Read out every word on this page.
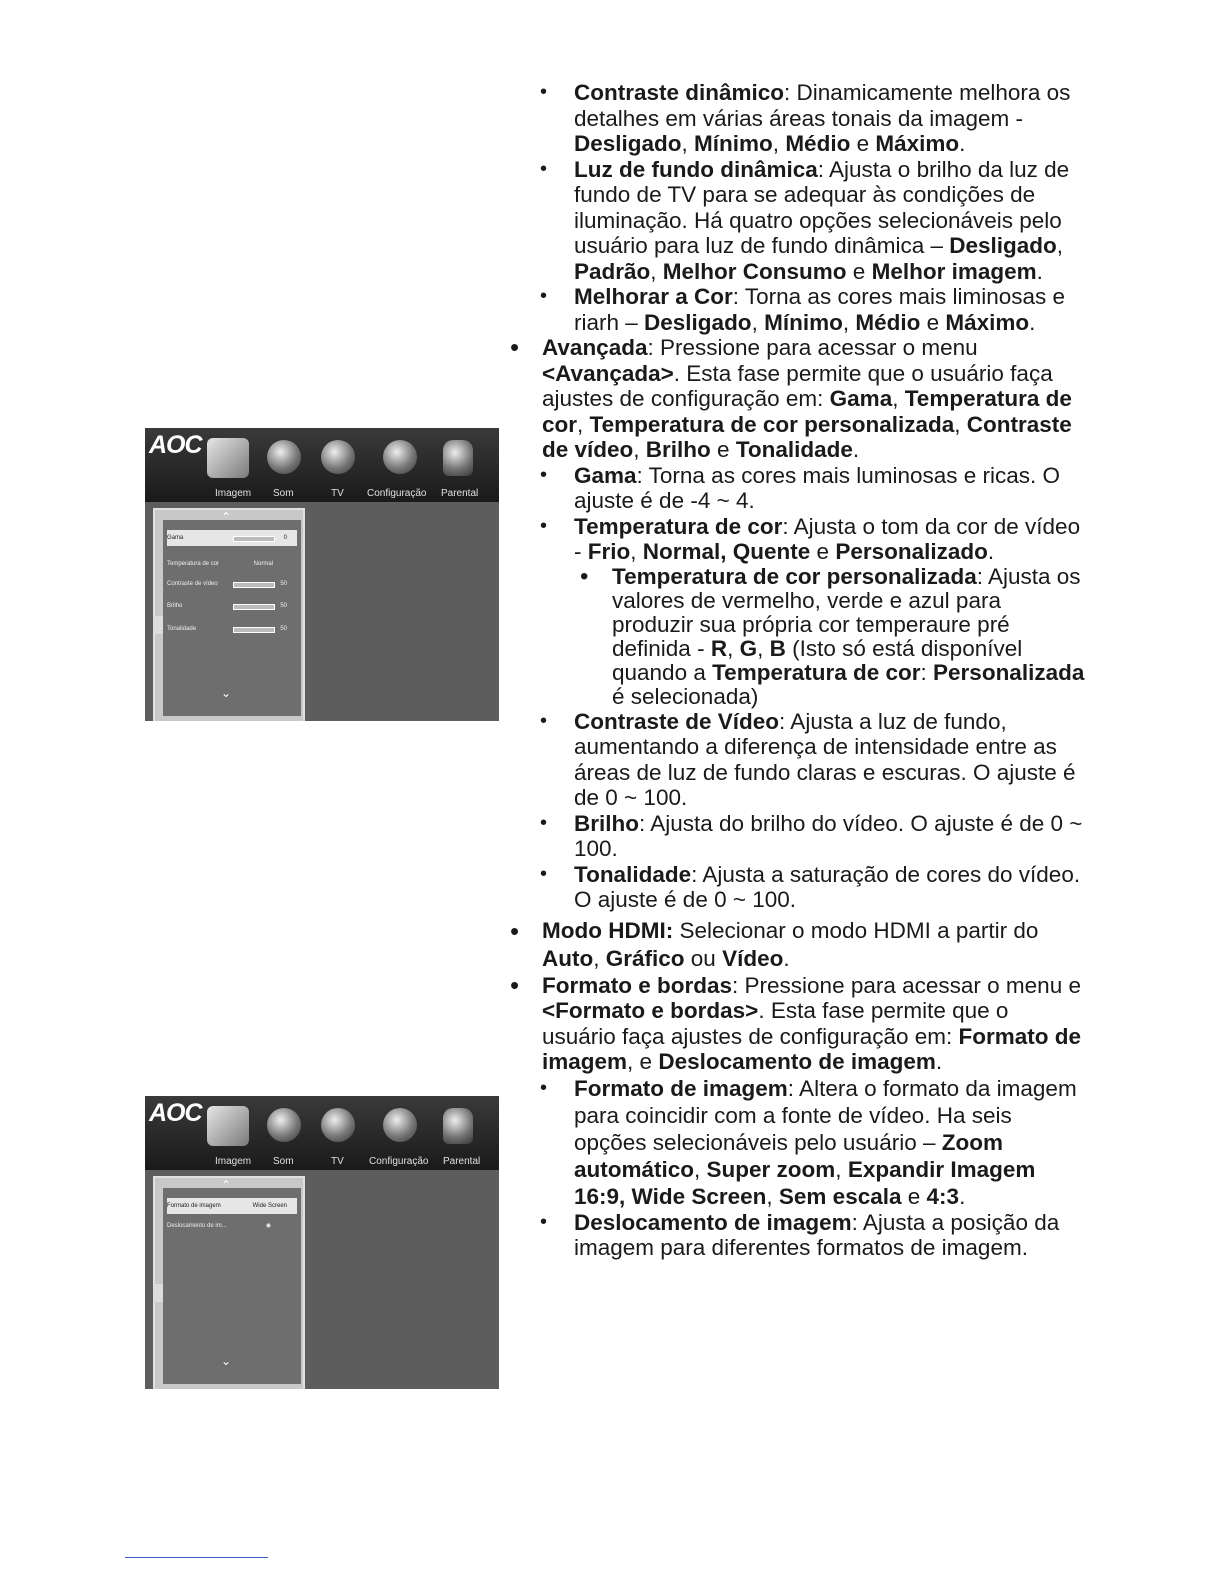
• Contraste dinâmico: Dinamicamente melhora os detalhes em várias áreas tonais da imagem - Desligado, Mínimo, Médio e Máximo.

• Luz de fundo dinâmica: Ajusta o brilho da luz de fundo de TV para se adequar às condições de iluminação. Há quatro opções selecionáveis pelo usuário para luz de fundo dinâmica – Desligado, Padrão, Melhor Consumo e Melhor imagem.

• Melhorar a Cor: Torna as cores mais liminosas e riarh – Desligado, Mínimo, Médio e Máximo.

• Avançada: Pressione para acessar o menu <Avançada>. Esta fase permite que o usuário faça ajustes de configuração em: Gama, Temperatura de cor, Temperatura de cor personalizada, Contraste de vídeo, Brilho e Tonalidade.

• Gama: Torna as cores mais luminosas e ricas. O ajuste é de -4 ~ 4.

• Temperatura de cor: Ajusta o tom da cor de vídeo - Frio, Normal, Quente e Personalizado.

• Temperatura de cor personalizada: Ajusta os valores de vermelho, verde e azul para produzir sua própria cor temperaure pré definida - R, G, B (Isto só está disponível quando a Temperatura de cor: Personalizada é selecionada)

• Contraste de Vídeo: Ajusta a luz de fundo, aumentando a diferença de intensidade entre as áreas de luz de fundo claras e escuras. O ajuste é de 0 ~ 100.

• Brilho: Ajusta do brilho do vídeo. O ajuste é de 0 ~ 100.

• Tonalidade: Ajusta a saturação de cores do vídeo. O ajuste é de 0 ~ 100.

• Modo HDMI: Selecionar o modo HDMI a partir do Auto, Gráfico ou Vídeo.

• Formato e bordas: Pressione para acessar o menu e <Formato e bordas>. Esta fase permite que o usuário faça ajustes de configuração em: Formato de imagem, e Deslocamento de imagem.

• Formato de imagem: Altera o formato da imagem para coincidir com a fonte de vídeo. Ha seis opções selecionáveis pelo usuário – Zoom automático, Super zoom, Expandir Imagem 16:9, Wide Screen, Sem escala e 4:3.

• Deslocamento de imagem: Ajusta a posição da imagem para diferentes formatos de imagem.

AOC
Imagem Som	TV Configuração Parental
⌃
Gama	0
Temperatura de cor	Normal
Contraste de vídeo	50
Brilho	50
Tonalidade	50
⌄
AOC
Imagem Som	TV	Configuração Parental
⌃
Formato de imagem	Wide Screen
Deslocamento de im...	◉
⌄
